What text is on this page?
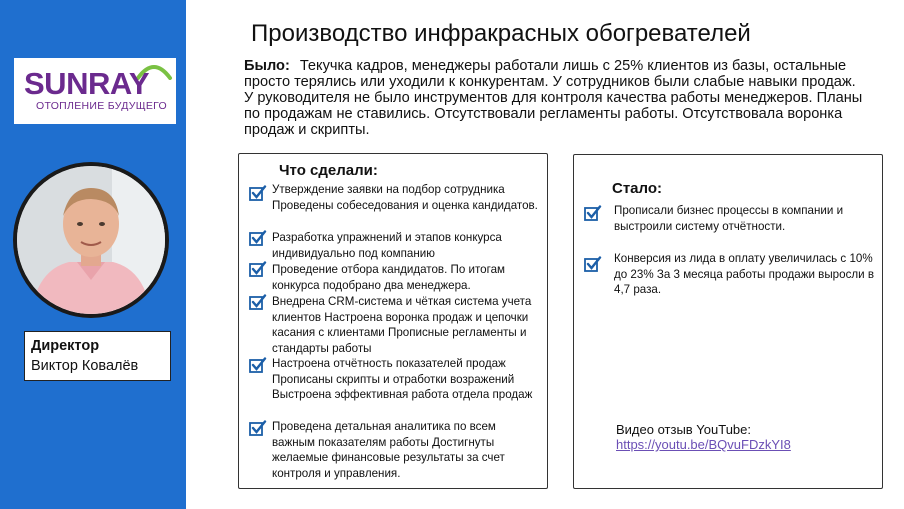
SUNRAY
ОТОПЛЕНИЕ БУДУЩЕГО
Директор
Виктор Ковалёв
Производство инфракрасных обогревателей
Было: Текучка кадров, менеджеры работали лишь с 25% клиентов из базы, остальные просто терялись или уходили к конкурентам. У сотрудников были слабые навыки продаж. У руководителя не было инструментов для контроля качества работы менеджеров. Планы по продажам не ставились. Отсутствовали регламенты работы. Отсутствовала воронка продаж и скрипты.
Что сделали:
Утверждение заявки на подбор сотрудника Проведены собеседования и оценка кандидатов.
Разработка упражнений и этапов конкурса индивидуально под компанию
Проведение отбора кандидатов. По итогам конкурса подобрано два менеджера.
Внедрена CRM-система и чёткая система учета клиентов Настроена воронка продаж и цепочки касания с клиентами Прописные регламенты и стандарты работы
Настроена отчётность показателей продаж Прописаны скрипты и отработки возражений Выстроена эффективная работа отдела продаж
Проведена детальная аналитика по всем важным показателям работы Достигнуты желаемые финансовые результаты за счет контроля и управления.
Стало:
Прописали бизнес процессы в компании и выстроили систему отчётности.
Конверсия из лида в оплату увеличилась с 10% до 23% За 3 месяца работы продажи выросли в 4,7 раза.
Видео отзыв YouTube:
https://youtu.be/BQvuFDzkYI8
